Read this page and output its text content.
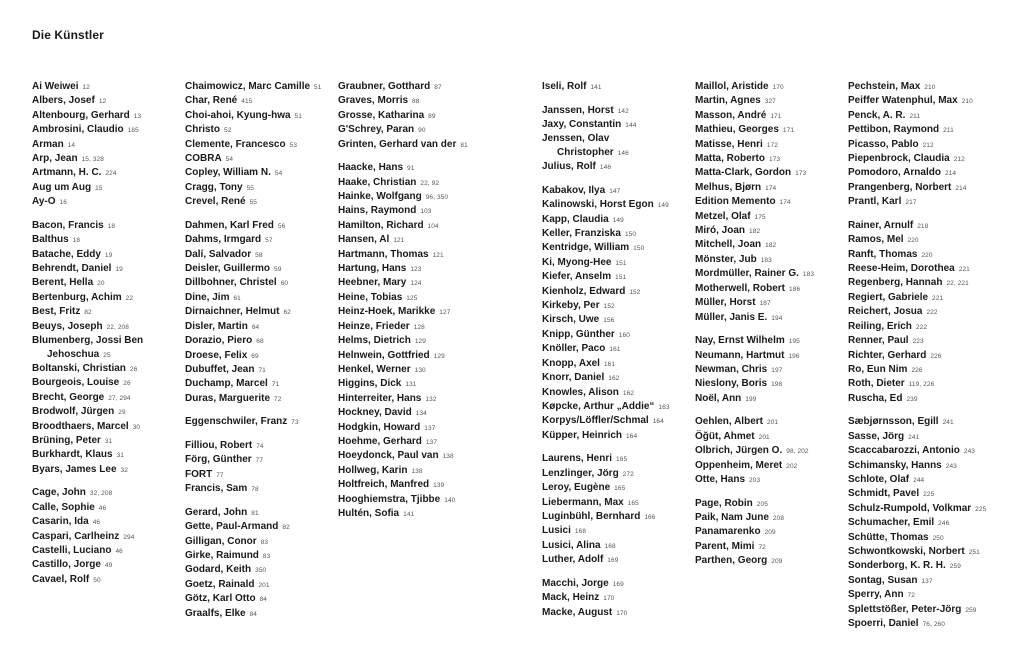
Die Künstler
Ai Weiwei 12
Albers, Josef 12
Altenbourg, Gerhard 13
Ambrosini, Claudio 185
Arman 14
Arp, Jean 15, 328
Artmann, H. C. 224
Aug um Aug 15
Ay-O 16
Bacon, Francis 18
Balthus 18
Batache, Eddy 19
Behrendt, Daniel 19
Berent, Hella 20
Bertenburg, Achim 22
Best, Fritz 82
Beuys, Joseph 22, 208
Blumenberg, Jossi Ben
Jehoschua 25
Boltanski, Christian 26
Bourgeois, Louise 26
Brecht, George 27, 294
Brodwolf, Jürgen 29
Broodthaers, Marcel 30
Brüning, Peter 31
Burkhardt, Klaus 31
Byars, James Lee 32
Cage, John 32, 208
Calle, Sophie 46
Casarin, Ida 46
Caspari, Carlheinz 294
Castelli, Luciano 46
Castillo, Jorge 49
Cavael, Rolf 50
Chaimowicz, Marc Camille 51
Char, René 415
Choi-ahoi, Kyung-hwa 51
Christo 52
Clemente, Francesco 53
COBRA 54
Copley, William N. 54
Cragg, Tony 55
Crevel, René 55
Dahmen, Karl Fred 56
Dahms, Irmgard 57
Dalí, Salvador 58
Deisler, Guillermo 59
Dillbohner, Christel 60
Dine, Jim 61
Dirnaichner, Helmut 62
Disler, Martin 64
Dorazio, Piero 68
Droese, Felix 69
Dubuffet, Jean 71
Duchamp, Marcel 71
Duras, Marguerite 72
Eggenschwiler, Franz 73
Filliou, Robert 74
Förg, Günther 77
FORT 77
Francis, Sam 78
Gerard, John 81
Gette, Paul-Armand 82
Gilligan, Conor 83
Girke, Raimund 83
Godard, Keith 350
Goetz, Rainald 201
Götz, Karl Otto 84
Graalfs, Elke 84
Graubner, Gotthard 87
Graves, Morris 88
Grosse, Katharina 89
G'Schrey, Paran 90
Grinten, Gerhard van der 81
Haacke, Hans 91
Haake, Christian 22, 92
Hainke, Wolfgang 96, 350
Hains, Raymond 103
Hamilton, Richard 104
Hansen, Al 121
Hartmann, Thomas 121
Hartung, Hans 123
Heebner, Mary 124
Heine, Tobias 125
Heinz-Hoek, Marikke 127
Heinze, Frieder 128
Helms, Dietrich 129
Helnwein, Gottfried 129
Henkel, Werner 130
Higgins, Dick 131
Hinterreiter, Hans 132
Hockney, David 134
Hodgkin, Howard 137
Hoehme, Gerhard 137
Hoeydonck, Paul van 138
Hollweg, Karin 138
Holtfreich, Manfred 139
Hooghiemstra, Tjibbe 140
Hultén, Sofia 141
Iseli, Rolf 141
Janssen, Horst 142
Jaxy, Constantin 144
Jenssen, Olav
Christopher 146
Julius, Rolf 146
Kabakov, Ilya 147
Kalinowski, Horst Egon 149
Kapp, Claudia 149
Keller, Franziska 150
Kentridge, William 150
Ki, Myong-Hee 151
Kiefer, Anselm 151
Kienholz, Edward 152
Kirkeby, Per 152
Kirsch, Uwe 156
Knipp, Günther 160
Knöller, Paco 161
Knopp, Axel 161
Knorr, Daniel 162
Knowles, Alison 162
Køpcke, Arthur „Addie“ 163
Korpys/Löffler/Schmal 164
Küpper, Heinrich 164
Laurens, Henri 165
Lenzlinger, Jörg 272
Leroy, Eugène 165
Liebermann, Max 165
Luginbühl, Bernhard 166
Lusici 168
Lusici, Alina 168
Luther, Adolf 169
Macchi, Jorge 169
Mack, Heinz 170
Macke, August 170
Maillol, Aristide 170
Martin, Agnes 327
Masson, André 171
Mathieu, Georges 171
Matisse, Henri 172
Matta, Roberto 173
Matta-Clark, Gordon 173
Melhus, Bjørn 174
Edition Memento 174
Metzel, Olaf 175
Miró, Joan 182
Mitchell, Joan 182
Mönster, Jub 183
Mordmüller, Rainer G. 183
Motherwell, Robert 186
Müller, Horst 187
Müller, Janis E. 194
Nay, Ernst Wilhelm 195
Neumann, Hartmut 196
Newman, Chris 197
Nieslony, Boris 198
Noël, Ann 199
Oehlen, Albert 201
Öğüt, Ahmet 201
Olbrich, Jürgen O. 98, 202
Oppenheim, Meret 202
Otte, Hans 203
Page, Robin 205
Paik, Nam June 208
Panamarenko 209
Parent, Mimi 72
Parthen, Georg 209
Pechstein, Max 210
Peiffer Watenphul, Max 210
Penck, A. R. 211
Pettibon, Raymond 211
Picasso, Pablo 212
Piepenbrock, Claudia 212
Pomodoro, Arnaldo 214
Prangenberg, Norbert 214
Prantl, Karl 217
Rainer, Arnulf 218
Ramos, Mel 220
Ranft, Thomas 220
Reese-Heim, Dorothea 221
Regenberg, Hannah 22, 221
Regiert, Gabriele 221
Reichert, Josua 222
Reiling, Erich 222
Renner, Paul 223
Richter, Gerhard 226
Ro, Eun Nim 226
Roth, Dieter 119, 226
Ruscha, Ed 239
Sæbjørnsson, Egill 241
Sasse, Jörg 241
Scaccabarozzi, Antonio 243
Schimansky, Hanns 243
Schlote, Olaf 244
Schmidt, Pavel 225
Schulz-Rumpold, Volkmar 225
Schumacher, Emil 246
Schütte, Thomas 250
Schwontkowski, Norbert 251
Sonderborg, K. R. H. 259
Sontag, Susan 137
Sperry, Ann 72
Splettstößer, Peter-Jörg 259
Spoerri, Daniel 76, 260
